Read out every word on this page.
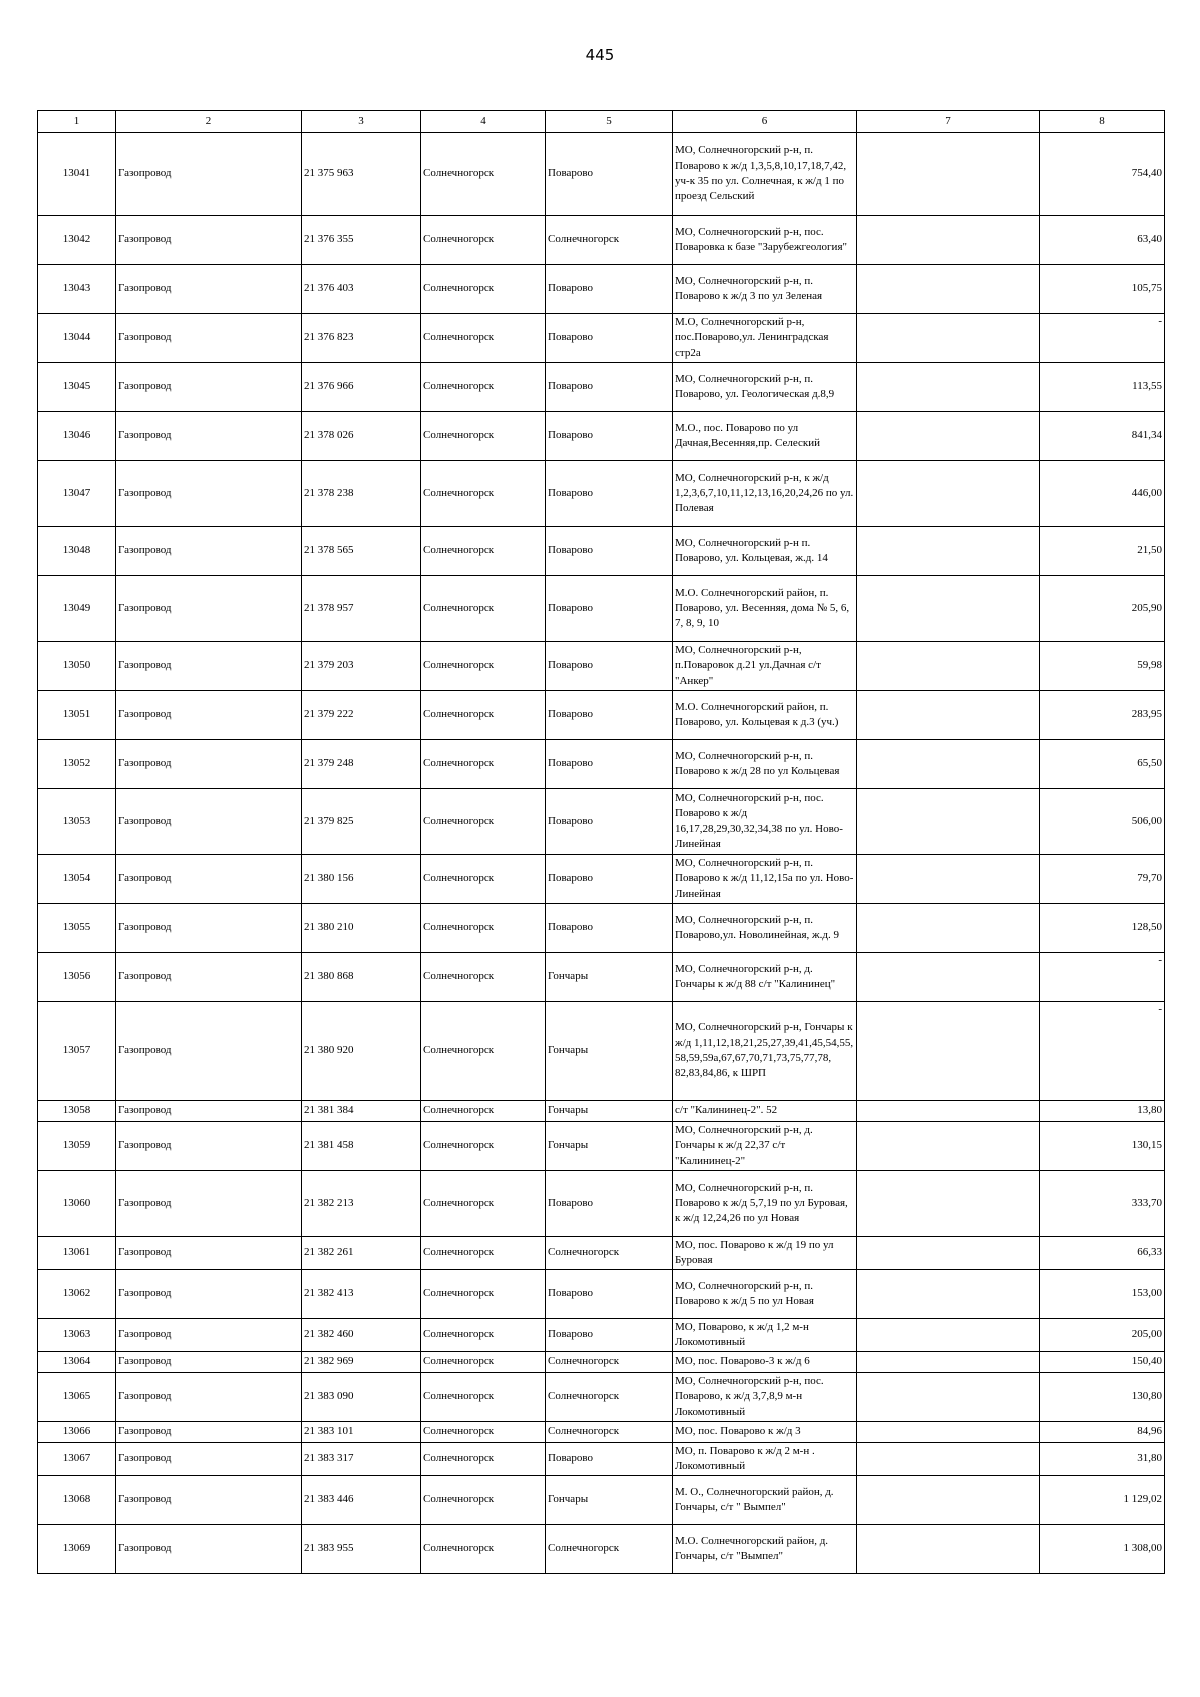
445
1	2	3	4	5	6	7	8
13041	Газопровод	21 375 963	Солнечногорск	Поварово	МО, Солнечногорский р-н, п. Поварово к ж/д 1,3,5,8,10,17,18,7,42, уч-к 35 по ул. Солнечная, к ж/д 1 по проезд Сельский		754,40
13042	Газопровод	21 376 355	Солнечногорск	Солнечногорск	МО, Солнечногорский р-н, пос. Поваровка к базе "Зарубежгеология"		63,40
13043	Газопровод	21 376 403	Солнечногорск	Поварово	МО, Солнечногорский р-н, п. Поварово к ж/д 3 по ул Зеленая		105,75
13044	Газопровод	21 376 823	Солнечногорск	Поварово	М.О, Солнечногорский р-н, пос.Поварово,ул. Ленинградская стр2а		-
13045	Газопровод	21 376 966	Солнечногорск	Поварово	МО, Солнечногорский р-н, п. Поварово, ул. Геологическая д.8,9		113,55
13046	Газопровод	21 378 026	Солнечногорск	Поварово	М.О., пос. Поварово по ул Дачная,Весенняя,пр. Селеский		841,34
13047	Газопровод	21 378 238	Солнечногорск	Поварово	МО, Солнечногорский р-н, к ж/д 1,2,3,6,7,10,11,12,13,16,20,24,26 по ул. Полевая		446,00
13048	Газопровод	21 378 565	Солнечногорск	Поварово	МО, Солнечногорский р-н п. Поварово, ул. Кольцевая, ж.д. 14		21,50
13049	Газопровод	21 378 957	Солнечногорск	Поварово	М.О. Солнечногорский район, п. Поварово, ул. Весенняя, дома № 5, 6, 7, 8, 9, 10		205,90
13050	Газопровод	21 379 203	Солнечногорск	Поварово	МО, Солнечногорский р-н, п.Поваровок д.21 ул.Дачная с/т "Анкер"		59,98
13051	Газопровод	21 379 222	Солнечногорск	Поварово	М.О. Солнечногорский район, п. Поварово, ул. Кольцевая к д.3 (уч.)		283,95
13052	Газопровод	21 379 248	Солнечногорск	Поварово	МО, Солнечногорский р-н, п. Поварово к ж/д 28 по ул Кольцевая		65,50
13053	Газопровод	21 379 825	Солнечногорск	Поварово	МО, Солнечногорский р-н, пос. Поварово к ж/д 16,17,28,29,30,32,34,38 по ул. Ново-Линейная		506,00
13054	Газопровод	21 380 156	Солнечногорск	Поварово	МО, Солнечногорский р-н, п. Поварово к ж/д 11,12,15а по ул. Ново-Линейная		79,70
13055	Газопровод	21 380 210	Солнечногорск	Поварово	МО, Солнечногорский р-н, п. Поварово,ул. Новолинейная, ж.д. 9		128,50
13056	Газопровод	21 380 868	Солнечногорск	Гончары	МО, Солнечногорский р-н, д. Гончары к ж/д 88 с/т "Калининец"		-
13057	Газопровод	21 380 920	Солнечногорск	Гончары	МО, Солнечногорский р-н, Гончары к ж/д 1,11,12,18,21,25,27,39,41,45,54,55, 58,59,59а,67,67,70,71,73,75,77,78, 82,83,84,86, к ШРП		-
13058	Газопровод	21 381 384	Солнечногорск	Гончары	с/т "Калининец-2". 52		13,80
13059	Газопровод	21 381 458	Солнечногорск	Гончары	МО, Солнечногорский р-н, д. Гончары к ж/д 22,37 с/т "Калининец-2"		130,15
13060	Газопровод	21 382 213	Солнечногорск	Поварово	МО, Солнечногорский р-н, п. Поварово к ж/д 5,7,19 по ул Буровая, к ж/д 12,24,26 по ул Новая		333,70
13061	Газопровод	21 382 261	Солнечногорск	Солнечногорск	МО, пос. Поварово к ж/д 19 по ул Буровая		66,33
13062	Газопровод	21 382 413	Солнечногорск	Поварово	МО, Солнечногорский р-н, п. Поварово к ж/д 5 по ул Новая		153,00
13063	Газопровод	21 382 460	Солнечногорск	Поварово	МО, Поварово, к ж/д 1,2 м-н Локомотивный		205,00
13064	Газопровод	21 382 969	Солнечногорск	Солнечногорск	МО, пос. Поварово-3 к ж/д 6		150,40
13065	Газопровод	21 383 090	Солнечногорск	Солнечногорск	МО, Солнечногорский р-н, пос. Поварово, к ж/д 3,7,8,9 м-н Локомотивный		130,80
13066	Газопровод	21 383 101	Солнечногорск	Солнечногорск	МО, пос. Поварово к ж/д 3		84,96
13067	Газопровод	21 383 317	Солнечногорск	Поварово	МО, п. Поварово к ж/д 2 м-н . Локомотивный		31,80
13068	Газопровод	21 383 446	Солнечногорск	Гончары	М. О., Солнечногорский район, д. Гончары, с/т " Вымпел"		1 129,02
13069	Газопровод	21 383 955	Солнечногорск	Солнечногорск	М.О. Солнечногорский район, д. Гончары, с/т "Вымпел"		1 308,00
